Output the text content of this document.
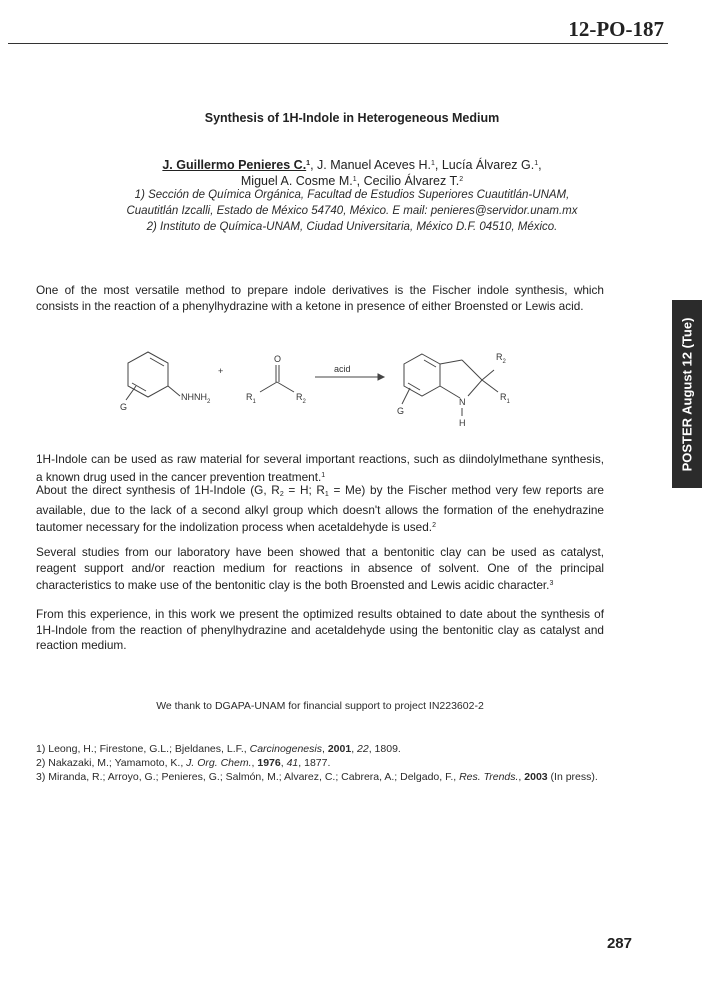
12-PO-187
Synthesis of 1H-Indole in Heterogeneous Medium
J. Guillermo Penieres C.$^1$, J. Manuel Aceves H.$^1$, Lucía Álvarez G.$^1$,
Miguel A. Cosme M.$^1$, Cecilio Álvarez T.$^2$
1) Sección de Química Orgánica, Facultad de Estudios Superiores Cuautitlán-UNAM,
Cuautitlán Izcalli, Estado de México 54740, México. E mail: penieres@servidor.unam.mx
2) Instituto de Química-UNAM, Ciudad Universitaria, México D.F. 04510, México.
One of the most versatile method to prepare indole derivatives is the Fischer indole synthesis, which consists in the reaction of a phenylhydrazine with a ketone in presence of either Broensted or Lewis acid.
$NHNH_2$
G
+
O
$R_1$	$R_2$
acid
$R_2$
$R_1$
N
H
G
1H-Indole can be used as raw material for several important reactions, such as diindolylmethane synthesis, a known drug used in the cancer prevention treatment.$^1$
About the direct synthesis of 1H-Indole (G, $R_2 = H$; $R_1 = Me$) by the Fischer method very few reports are available, due to the lack of a second alkyl group which doesn't allows the formation of the enehydrazine tautomer necessary for the indolization process when acetaldehyde is used.$^2$
Several studies from our laboratory have been showed that a bentonitic clay can be used as catalyst, reagent support and/or reaction medium for reactions in absence of solvent. One of the principal characteristics to make use of the bentonitic clay is the both Broensted and Lewis acidic character.$^3$
From this experience, in this work we present the optimized results obtained to date about the synthesis of 1H-Indole from the reaction of phenylhydrazine and acetaldehyde using the bentonitic clay as catalyst and reaction medium.
We thank to DGAPA-UNAM for financial support to project IN223602-2
1) Leong, H.; Firestone, G.L.; Bjeldanes, L.F., Carcinogenesis, 2001, 22, 1809.
2) Nakazaki, M.; Yamamoto, K., J. Org. Chem., 1976, 41, 1877.
3) Miranda, R.; Arroyo, G.; Penieres, G.; Salmón, M.; Alvarez, C.; Cabrera, A.; Delgado, F., Res. Trends., 2003 (In press).
287
POSTER August 12 (Tue)
